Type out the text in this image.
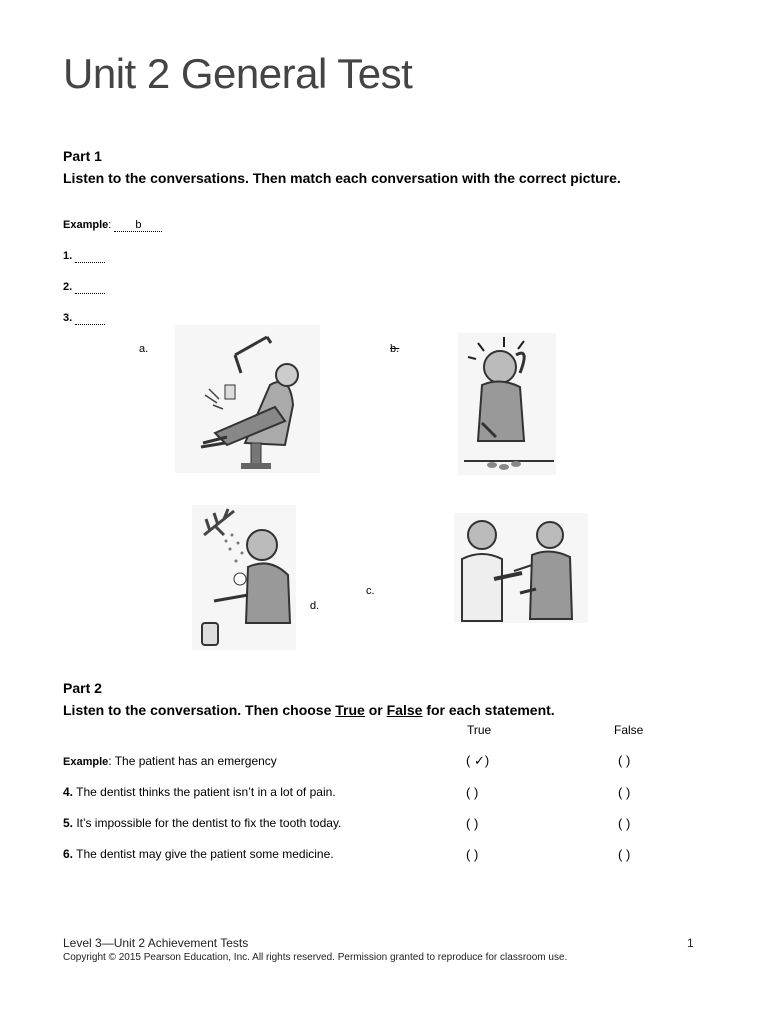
Unit 2 General Test
Part 1
Listen to the conversations. Then match each conversation with the correct picture.
Example: b
1.
2.
3.
a.	b.
c.
d.
Part 2
Listen to the conversation. Then choose True or False for each statement.
True	False
Example: The patient has an emergency	( ✓)	( )
4. The dentist thinks the patient isn’t in a lot of pain.	( )	( )
5. It’s impossible for the dentist to fix the tooth today.	( )	( )
6. The dentist may give the patient some medicine.	( )	( )
Level 3—Unit 2 Achievement Tests	1
Copyright © 2015 Pearson Education, Inc. All rights reserved. Permission granted to reproduce for classroom use.
